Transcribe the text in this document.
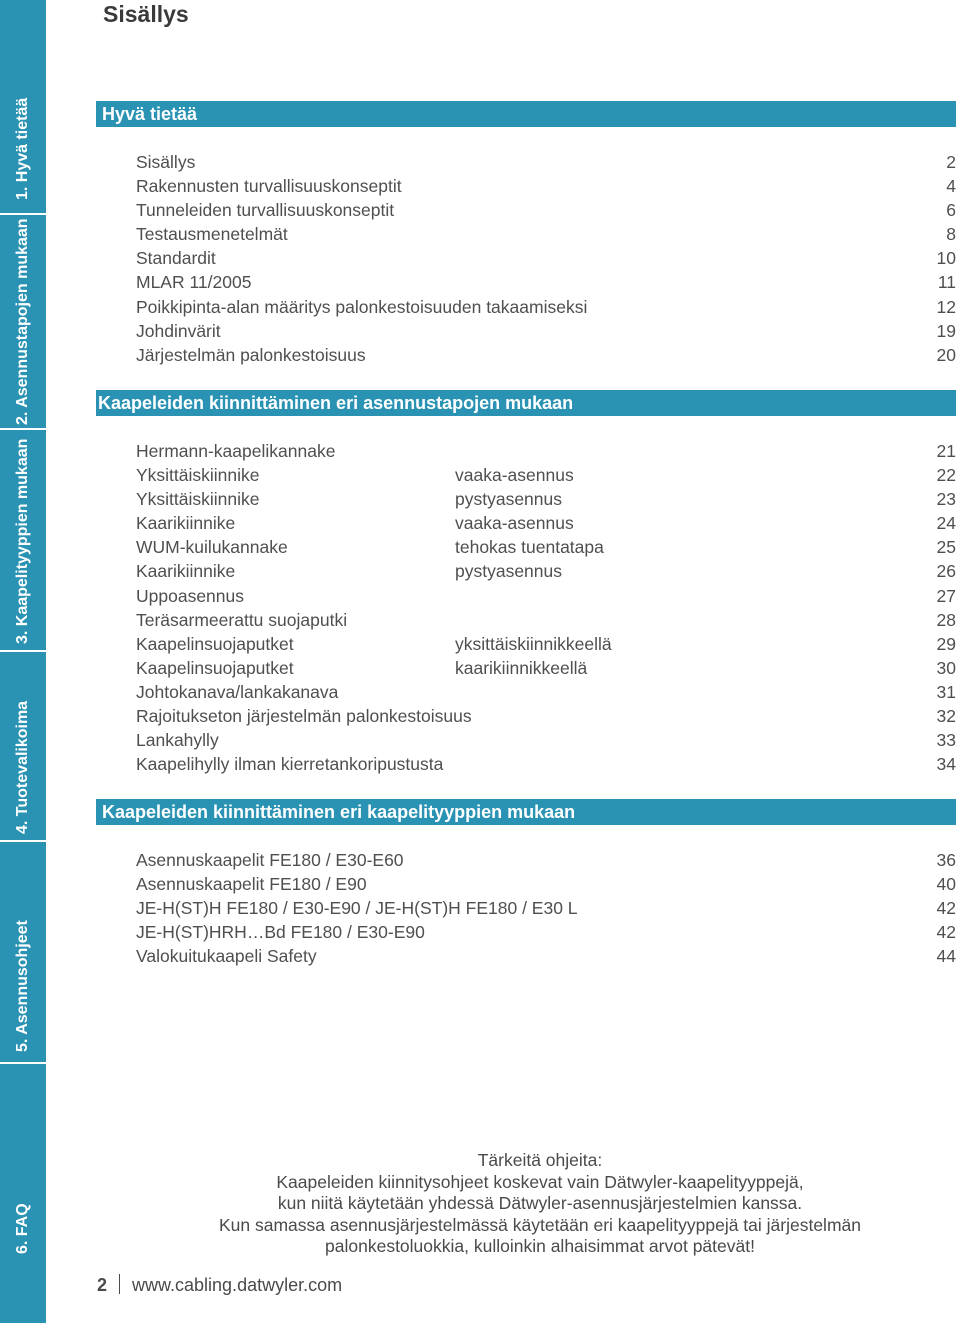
1. Hyvä tietää
2. Asennustapojen mukaan
3. Kaapelityyppien mukaan
4. Tuotevalikoima
5. Asennusohjeet
6. FAQ
Sisällys
Hyvä tietää
Sisällys	2
Rakennusten turvallisuuskonseptit	4
Tunneleiden turvallisuuskonseptit	6
Testausmenetelmät	8
Standardit	10
MLAR 11/2005	11
Poikkipinta-alan määritys palonkestoisuuden takaamiseksi	12
Johdinvärit	19
Järjestelmän palonkestoisuus	20
Kaapeleiden kiinnittäminen eri asennustapojen mukaan
Hermann-kaapelikannake	21
Yksittäiskiinnike	vaaka-asennus	22
Yksittäiskiinnike	pystyasennus	23
Kaarikiinnike	vaaka-asennus	24
WUM-kuilukannake	tehokas tuentatapa	25
Kaarikiinnike	pystyasennus	26
Uppoasennus	27
Teräsarmeerattu suojaputki	28
Kaapelinsuojaputket	yksittäiskiinnikkeellä	29
Kaapelinsuojaputket	kaarikiinnikkeellä	30
Johtokanava/lankakanava	31
Rajoitukseton järjestelmän palonkestoisuus	32
Lankahylly	33
Kaapelihylly ilman kierretankoripustusta	34
Kaapeleiden kiinnittäminen eri kaapelityyppien mukaan
Asennuskaapelit FE180 / E30-E60	36
Asennuskaapelit FE180 / E90	40
JE-H(ST)H FE180 / E30-E90 / JE-H(ST)H FE180 / E30 L	42
JE-H(ST)HRH…Bd FE180 / E30-E90	42
Valokuitukaapeli Safety	44
Tärkeitä ohjeita:
Kaapeleiden kiinnitysohjeet koskevat vain Dätwyler-kaapelityyppejä,
kun niitä käytetään yhdessä Dätwyler-asennusjärjestelmien kanssa.
Kun samassa asennusjärjestelmässä käytetään eri kaapelityyppejä tai järjestelmän
palonkestoluokkia, kulloinkin alhaisimmat arvot pätevät!
2 www.cabling.datwyler.com
